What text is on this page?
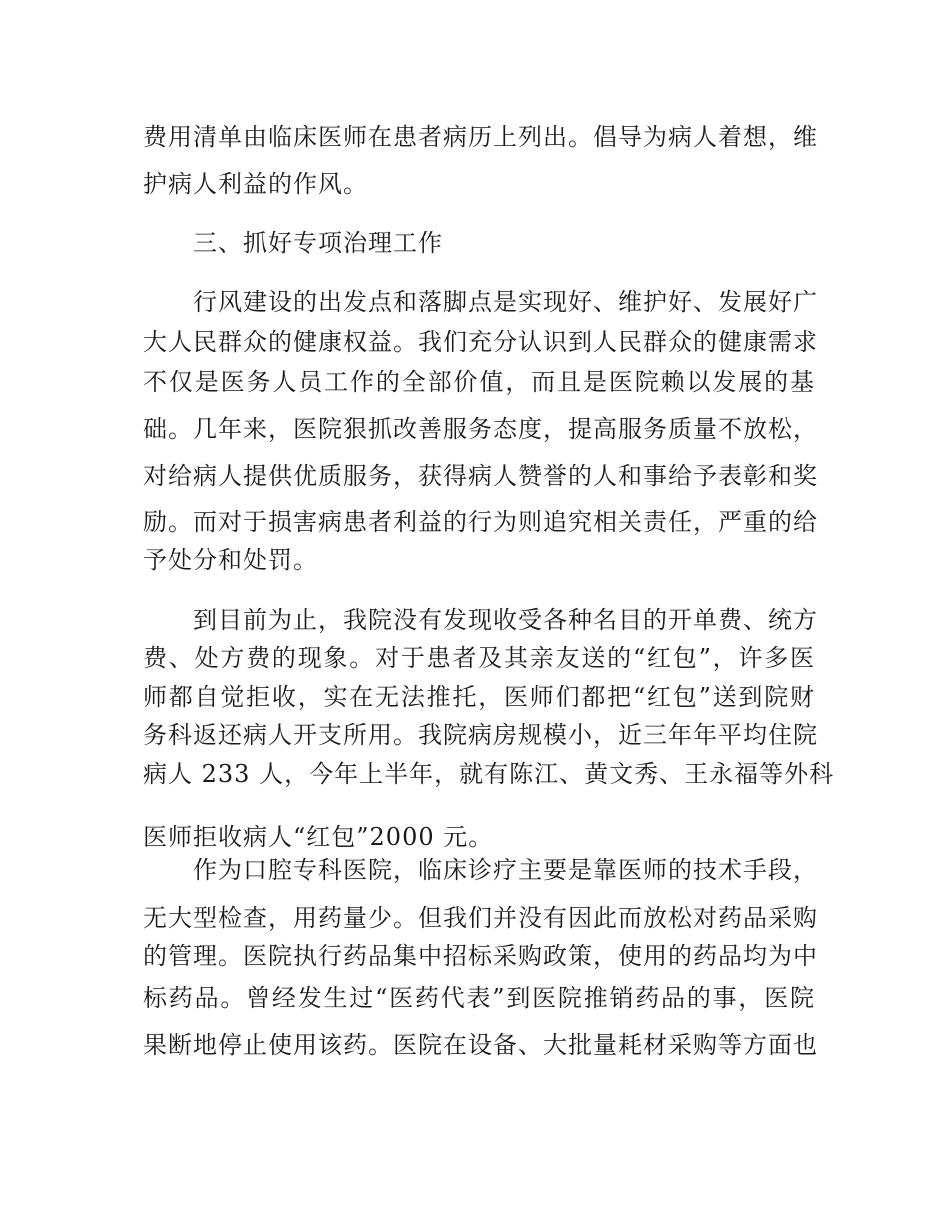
费用清单由临床医师在患者病历上列出。倡导为病人着想，维
护病人利益的作风。
三、抓好专项治理工作
行风建设的出发点和落脚点是实现好、维护好、发展好广
大人民群众的健康权益。我们充分认识到人民群众的健康需求
不仅是医务人员工作的全部价值，而且是医院赖以发展的基
础。几年来，医院狠抓改善服务态度，提高服务质量不放松，
对给病人提供优质服务，获得病人赞誉的人和事给予表彰和奖
励。而对于损害病患者利益的行为则追究相关责任，严重的给
予处分和处罚。
到目前为止，我院没有发现收受各种名目的开单费、统方
费、处方费的现象。对于患者及其亲友送的“红包”，许多医
师都自觉拒收，实在无法推托，医师们都把“红包”送到院财
务科返还病人开支所用。我院病房规模小，近三年年平均住院
病人 233 人，今年上半年，就有陈江、黄文秀、王永福等外科
医师拒收病人“红包”2000 元。
作为口腔专科医院，临床诊疗主要是靠医师的技术手段，
无大型检查，用药量少。但我们并没有因此而放松对药品采购
的管理。医院执行药品集中招标采购政策，使用的药品均为中
标药品。曾经发生过“医药代表”到医院推销药品的事，医院
果断地停止使用该药。医院在设备、大批量耗材采购等方面也
